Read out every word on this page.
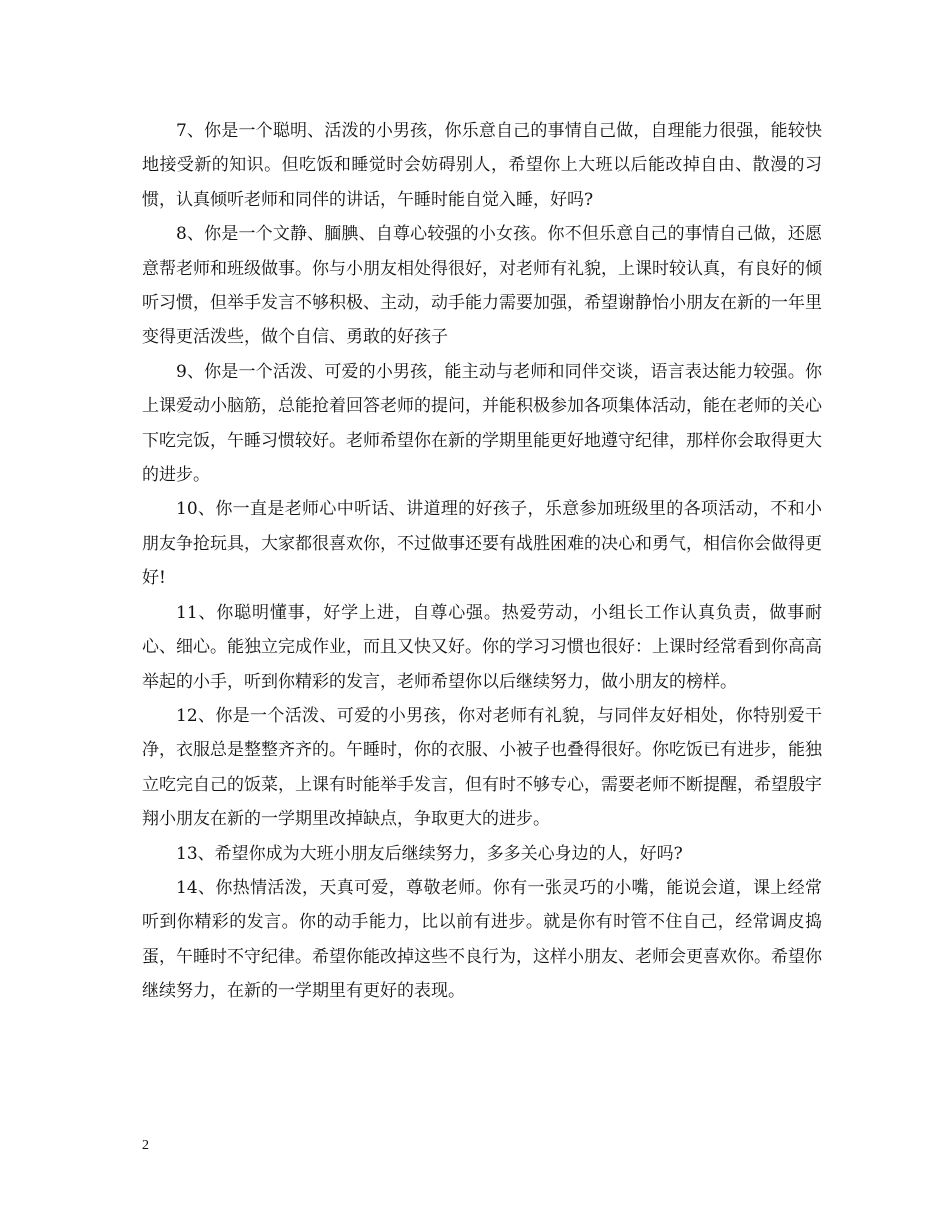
7、你是一个聪明、活泼的小男孩，你乐意自己的事情自己做，自理能力很强，能较快地接受新的知识。但吃饭和睡觉时会妨碍别人，希望你上大班以后能改掉自由、散漫的习惯，认真倾听老师和同伴的讲话，午睡时能自觉入睡，好吗?

8、你是一个文静、腼腆、自尊心较强的小女孩。你不但乐意自己的事情自己做，还愿意帮老师和班级做事。你与小朋友相处得很好，对老师有礼貌，上课时较认真，有良好的倾听习惯，但举手发言不够积极、主动，动手能力需要加强，希望谢静怡小朋友在新的一年里变得更活泼些，做个自信、勇敢的好孩子

9、你是一个活泼、可爱的小男孩，能主动与老师和同伴交谈，语言表达能力较强。你上课爱动小脑筋，总能抢着回答老师的提问，并能积极参加各项集体活动，能在老师的关心下吃完饭，午睡习惯较好。老师希望你在新的学期里能更好地遵守纪律，那样你会取得更大的进步。

10、你一直是老师心中听话、讲道理的好孩子，乐意参加班级里的各项活动，不和小朋友争抢玩具，大家都很喜欢你，不过做事还要有战胜困难的决心和勇气，相信你会做得更好!

11、你聪明懂事，好学上进，自尊心强。热爱劳动，小组长工作认真负责，做事耐心、细心。能独立完成作业，而且又快又好。你的学习习惯也很好：上课时经常看到你高高举起的小手，听到你精彩的发言，老师希望你以后继续努力，做小朋友的榜样。

12、你是一个活泼、可爱的小男孩，你对老师有礼貌，与同伴友好相处，你特别爱干净，衣服总是整整齐齐的。午睡时，你的衣服、小被子也叠得很好。你吃饭已有进步，能独立吃完自己的饭菜，上课有时能举手发言，但有时不够专心，需要老师不断提醒，希望殷宇翔小朋友在新的一学期里改掉缺点，争取更大的进步。

13、希望你成为大班小朋友后继续努力，多多关心身边的人，好吗?

14、你热情活泼，天真可爱，尊敬老师。你有一张灵巧的小嘴，能说会道，课上经常听到你精彩的发言。你的动手能力，比以前有进步。就是你有时管不住自己，经常调皮捣蛋，午睡时不守纪律。希望你能改掉这些不良行为，这样小朋友、老师会更喜欢你。希望你继续努力，在新的一学期里有更好的表现。

2
